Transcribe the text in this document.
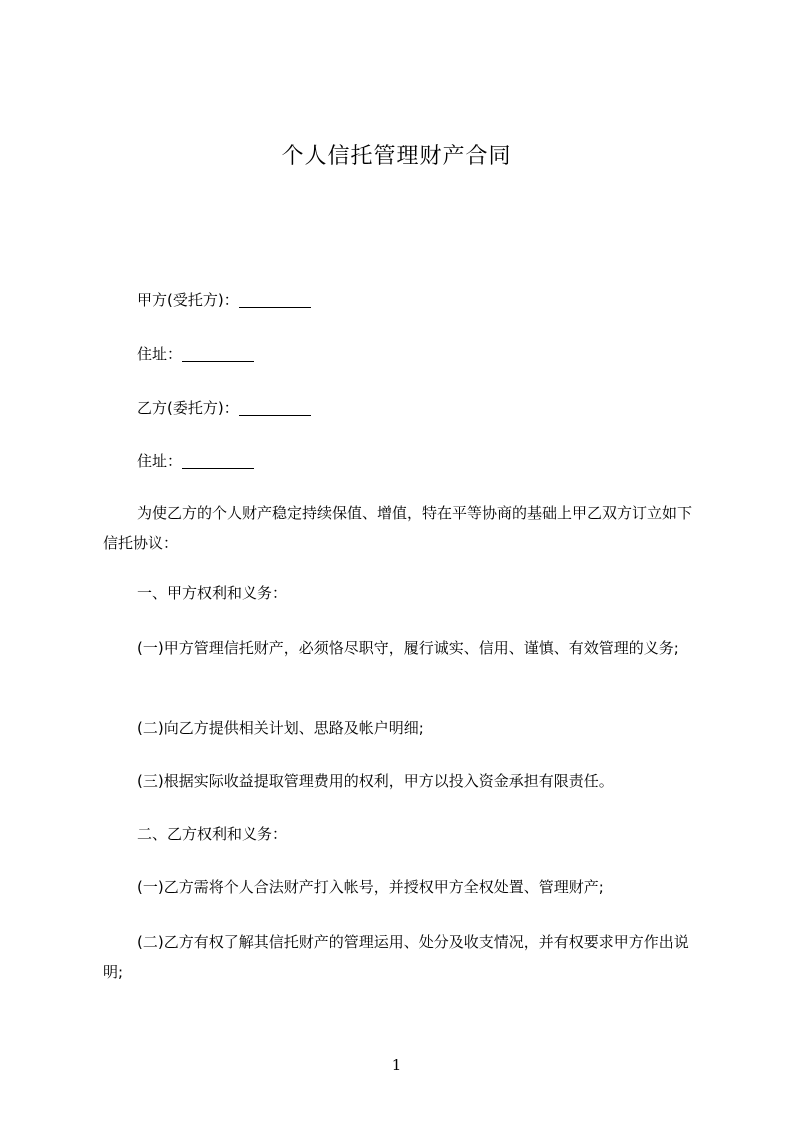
个人信托管理财产合同
甲方(受托方)：
住址：
乙方(委托方)：
住址：
为使乙方的个人财产稳定持续保值、增值，特在平等协商的基础上甲乙双方订立如下信托协议：
一、甲方权利和义务：
(一)甲方管理信托财产，必须恪尽职守，履行诚实、信用、谨慎、有效管理的义务;
(二)向乙方提供相关计划、思路及帐户明细;
(三)根据实际收益提取管理费用的权利，甲方以投入资金承担有限责任。
二、乙方权利和义务：
(一)乙方需将个人合法财产打入帐号，并授权甲方全权处置、管理财产;
(二)乙方有权了解其信托财产的管理运用、处分及收支情况，并有权要求甲方作出说明;
1
